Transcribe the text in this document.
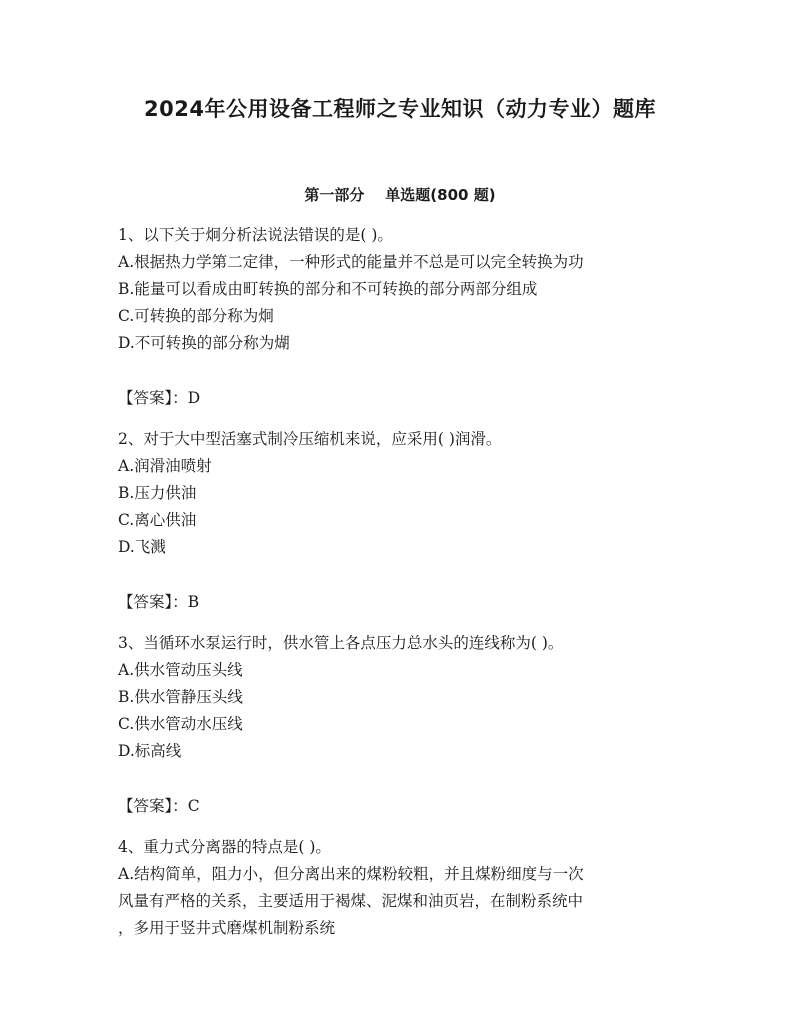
2024年公用设备工程师之专业知识（动力专业）题库
第一部分    单选题(800 题)
1、以下关于炯分析法说法错误的是( )。
A.根据热力学第二定律，一种形式的能量并不总是可以完全转换为功
B.能量可以看成由町转换的部分和不可转换的部分两部分组成
C.可转换的部分称为炯
D.不可转换的部分称为煳
【答案】：D
2、对于大中型活塞式制冷压缩机来说，应采用( )润滑。
A.润滑油喷射
B.压力供油
C.离心供油
D.飞溅
【答案】：B
3、当循环水泵运行时，供水管上各点压力总水头的连线称为( )。
A.供水管动压头线
B.供水管静压头线
C.供水管动水压线
D.标高线
【答案】：C
4、重力式分离器的特点是( )。
A.结构简单，阻力小，但分离出来的煤粉较粗，并且煤粉细度与一次
风量有严格的关系，主要适用于褐煤、泥煤和油页岩，在制粉系统中
，多用于竖井式磨煤机制粉系统
